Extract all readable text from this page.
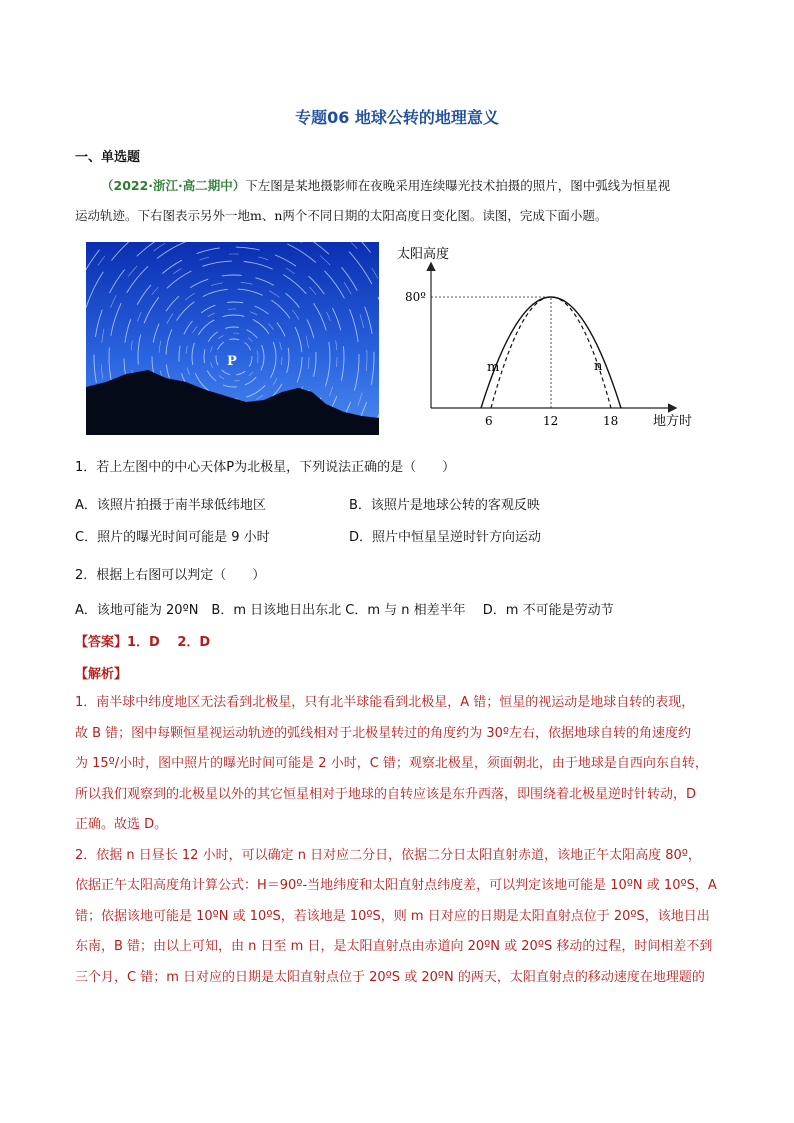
专题06 地球公转的地理意义
一、单选题
（2022·浙江·高二期中）下左图是某地摄影师在夜晚采用连续曝光技术拍摄的照片，图中弧线为恒星视
运动轨迹。下右图表示另外一地m、n两个不同日期的太阳高度日变化图。读图，完成下面小题。
P
太阳高度
地方时
80º
6	12	18
m	n
1．若上左图中的中心天体P为北极星，下列说法正确的是（　　）
A．该照片拍摄于南半球低纬地区	B．该照片是地球公转的客观反映
C．照片的曝光时间可能是 9 小时	D．照片中恒星呈逆时针方向运动
2．根据上右图可以判定（　　）
A．该地可能为 20ºN　B．m 日该地日出东北 C．m 与 n 相差半年　 D．m 不可能是劳动节
【答案】1．D　 2．D
【解析】
1．南半球中纬度地区无法看到北极星，只有北半球能看到北极星，A 错；恒星的视运动是地球自转的表现，
故 B 错；图中每颗恒星视运动轨迹的弧线相对于北极星转过的角度约为 30º左右，依据地球自转的角速度约
为 15º/小时，图中照片的曝光时间可能是 2 小时，C 错；观察北极星，须面朝北，由于地球是自西向东自转，
所以我们观察到的北极星以外的其它恒星相对于地球的自转应该是东升西落，即围绕着北极星逆时针转动，D
正确。故选 D。
2．依据 n 日昼长 12 小时，可以确定 n 日对应二分日，依据二分日太阳直射赤道，该地正午太阳高度 80º，
依据正午太阳高度角计算公式：H＝90º-当地纬度和太阳直射点纬度差，可以判定该地可能是 10ºN 或 10ºS，A
错；依据该地可能是 10ºN 或 10ºS，若该地是 10ºS，则 m 日对应的日期是太阳直射点位于 20ºS，该地日出
东南，B 错；由以上可知，由 n 日至 m 日，是太阳直射点由赤道向 20ºN 或 20ºS 移动的过程，时间相差不到
三个月，C 错；m 日对应的日期是太阳直射点位于 20ºS 或 20ºN 的两天，太阳直射点的移动速度在地理题的
